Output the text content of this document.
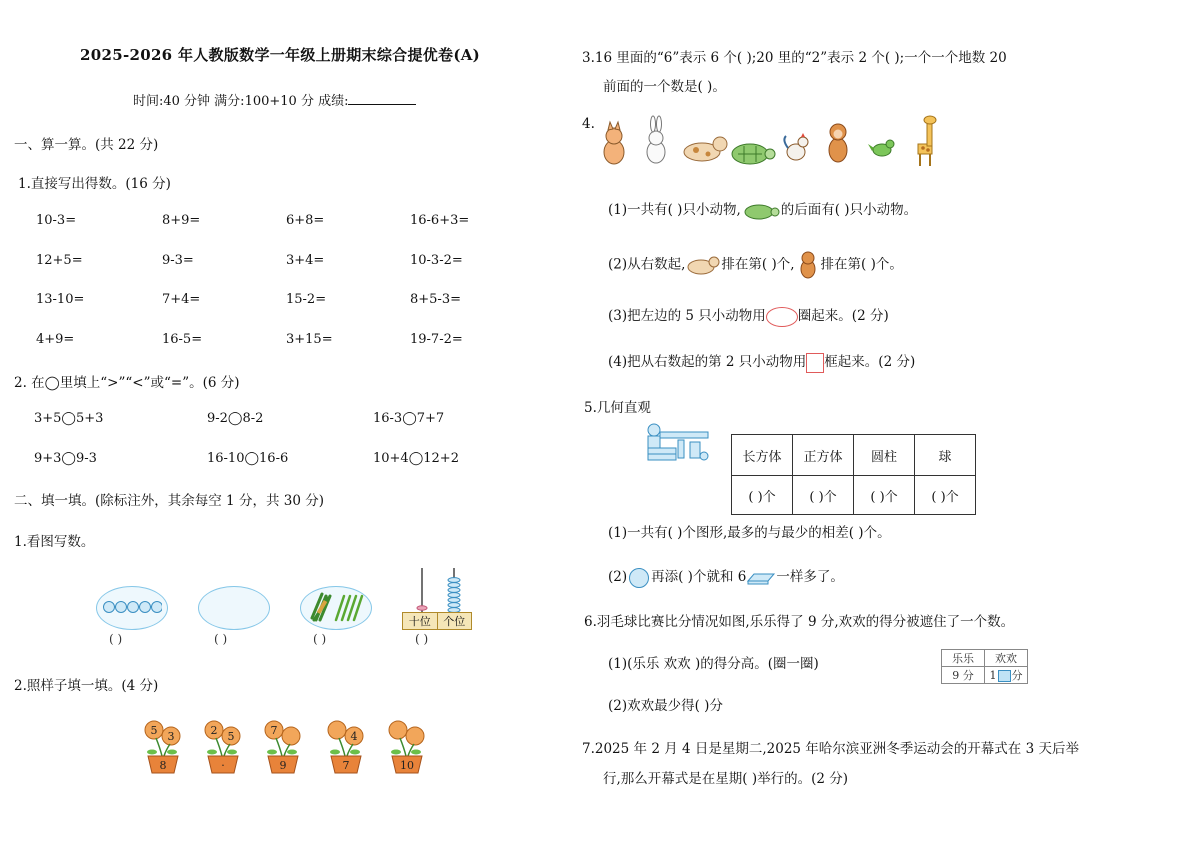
2025-2026 年人教版数学一年级上册期末综合提优卷(A)
时间:40 分钟 满分:100+10 分 成绩:
一、算一算。(共 22 分)
1.直接写出得数。(16 分)
10-3=	8+9=	6+8=	16-6+3=
12+5=	9-3=	3+4=	10-3-2=
13-10=	7+4=	15-2=	8+5-3=
4+9=	16-5=	3+15=	19-7-2=
2. 在◯里填上“>”“<”或“=”。(6 分)
3+5◯5+3	9-2◯8-2	16-3◯7+7
9+3◯9-3	16-10◯16-6	10+4◯12+2
二、填一填。(除标注外，其余每空 1 分，共 30 分)
1.看图写数。
( )	( )	( )
十位	个位
( )
2.照样子填一填。(4 分)
5 3
8
2 5
·
7
9
4
7	10
3.16 里面的“6”表示 6 个( );20 里的“2”表示 2 个( );一个一个地数 20
前面的一个数是( )。
4.
(1)一共有( )只小动物,	的后面有( )只小动物。
(2)从右数起,	排在第( )个, 排在第( )个。
(3)把左边的 5 只小动物用 圈起来。(2 分)
(4)把从右数起的第 2 只小动物用 框起来。(2 分)
5.几何直观
长方体	正方体	圆柱	球
( )个	( )个	( )个	( )个
(1)一共有( )个图形,最多的与最少的相差( )个。
(2) 再添( )个就和 6 一样多了。
6.羽毛球比赛比分情况如图,乐乐得了 9 分,欢欢的得分被遮住了一个数。
(1)(乐乐 欢欢 )的得分高。(圈一圈)	乐乐	欢欢
9 分	1 分
(2)欢欢最少得( )分
7.2025 年 2 月 4 日是星期二,2025 年哈尔滨亚洲冬季运动会的开幕式在 3 天后举
行,那么开幕式是在星期( )举行的。(2 分)
